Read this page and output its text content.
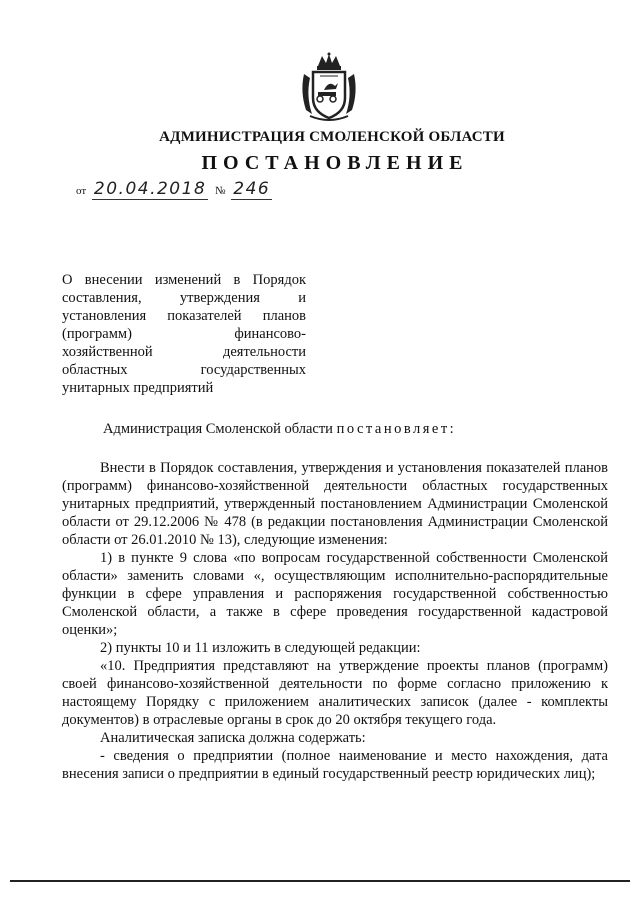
АДМИНИСТРАЦИЯ СМОЛЕНСКОЙ ОБЛАСТИ
ПОСТАНОВЛЕНИЕ
от 20.04.2018 № 246
О внесении изменений в Порядок
составления, утверждения и
установления показателей планов
(программ) финансово-
хозяйственной деятельности
областных государственных
унитарных предприятий
Администрация Смоленской области постановляет:

Внести в Порядок составления, утверждения и установления показателей планов (программ) финансово-хозяйственной деятельности областных государственных унитарных предприятий, утвержденный постановлением Администрации Смоленской области от 29.12.2006 № 478 (в редакции постановления Администрации Смоленской области от 26.01.2010 № 13), следующие изменения:

1) в пункте 9 слова «по вопросам государственной собственности Смоленской области» заменить словами «, осуществляющим исполнительно-распорядительные функции в сфере управления и распоряжения государственной собственностью Смоленской области, а также в сфере проведения государственной кадастровой оценки»;

2) пункты 10 и 11 изложить в следующей редакции:

«10. Предприятия представляют на утверждение проекты планов (программ) своей финансово-хозяйственной деятельности по форме согласно приложению к настоящему Порядку с приложением аналитических записок (далее - комплекты документов) в отраслевые органы в срок до 20 октября текущего года.

Аналитическая записка должна содержать:

- сведения о предприятии (полное наименование и место нахождения, дата внесения записи о предприятии в единый государственный реестр юридических лиц);
